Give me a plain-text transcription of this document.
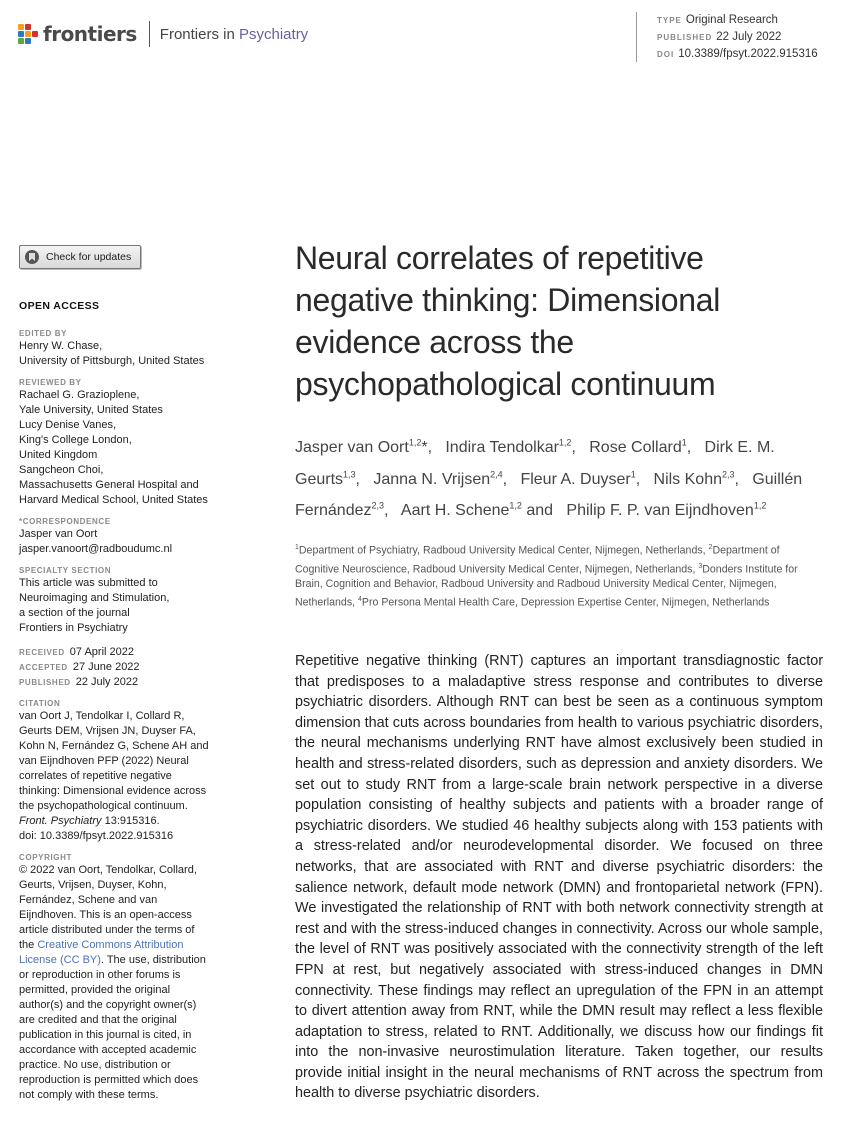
frontiers Frontiers in Psychiatry
TYPE Original Research
PUBLISHED 22 July 2022
DOI 10.3389/fpsyt.2022.915316
Check for updates
OPEN ACCESS
EDITED BY
Henry W. Chase,
University of Pittsburgh, United States
REVIEWED BY
Rachael G. Grazioplene,
Yale University, United States
Lucy Denise Vanes,
King's College London,
United Kingdom
Sangcheon Choi,
Massachusetts General Hospital and
Harvard Medical School, United States
*CORRESPONDENCE
Jasper van Oort
jasper.vanoort@radboudumc.nl
SPECIALTY SECTION
This article was submitted to
Neuroimaging and Stimulation,
a section of the journal
Frontiers in Psychiatry
RECEIVED 07 April 2022
ACCEPTED 27 June 2022
PUBLISHED 22 July 2022
CITATION
van Oort J, Tendolkar I, Collard R,
Geurts DEM, Vrijsen JN, Duyser FA,
Kohn N, Fernández G, Schene AH and
van Eijndhoven PFP (2022) Neural
correlates of repetitive negative
thinking: Dimensional evidence across
the psychopathological continuum.
Front. Psychiatry 13:915316.
doi: 10.3389/fpsyt.2022.915316
COPYRIGHT
© 2022 van Oort, Tendolkar, Collard,
Geurts, Vrijsen, Duyser, Kohn,
Fernández, Schene and van
Eijndhoven. This is an open-access
article distributed under the terms of
the Creative Commons Attribution
License (CC BY). The use, distribution
or reproduction in other forums is
permitted, provided the original
author(s) and the copyright owner(s)
are credited and that the original
publication in this journal is cited, in
accordance with accepted academic
practice. No use, distribution or
reproduction is permitted which does
not comply with these terms.
Neural correlates of repetitive
negative thinking: Dimensional
evidence across the
psychopathological continuum
Jasper van Oort$^{1,2}$*,   Indira Tendolkar$^{1,2}$,   Rose Collard$^1$,   Dirk E. M. Geurts$^{1,3}$,   Janna N. Vrijsen$^{2,4}$,   Fleur A. Duyser$^1$,   Nils Kohn$^{2,3}$,   Guillén Fernández$^{2,3}$,   Aart H. Schene$^{1,2}$ and   Philip F. P. van Eijndhoven$^{1,2}$
$^1$Department of Psychiatry, Radboud University Medical Center, Nijmegen, Netherlands, $^2$Department of Cognitive Neuroscience, Radboud University Medical Center, Nijmegen, Netherlands, $^3$Donders Institute for Brain, Cognition and Behavior, Radboud University and Radboud University Medical Center, Nijmegen, Netherlands, $^4$Pro Persona Mental Health Care, Depression Expertise Center, Nijmegen, Netherlands

Repetitive negative thinking (RNT) captures an important transdiagnostic factor that predisposes to a maladaptive stress response and contributes to diverse psychiatric disorders. Although RNT can best be seen as a continuous symptom dimension that cuts across boundaries from health to various psychiatric disorders, the neural mechanisms underlying RNT have almost exclusively been studied in health and stress-related disorders, such as depression and anxiety disorders. We set out to study RNT from a large-scale brain network perspective in a diverse population consisting of healthy subjects and patients with a broader range of psychiatric disorders. We studied 46 healthy subjects along with 153 patients with a stress-related and/or neurodevelopmental disorder. We focused on three networks, that are associated with RNT and diverse psychiatric disorders: the salience network, default mode network (DMN) and frontoparietal network (FPN). We investigated the relationship of RNT with both network connectivity strength at rest and with the stress-induced changes in connectivity. Across our whole sample, the level of RNT was positively associated with the connectivity strength of the left FPN at rest, but negatively associated with stress-induced changes in DMN connectivity. These findings may reflect an upregulation of the FPN in an attempt to divert attention away from RNT, while the DMN result may reflect a less flexible adaptation to stress, related to RNT. Additionally, we discuss how our findings fit into the non-invasive neurostimulation literature. Taken together, our results provide initial insight in the neural mechanisms of RNT across the spectrum from health to diverse psychiatric disorders.
